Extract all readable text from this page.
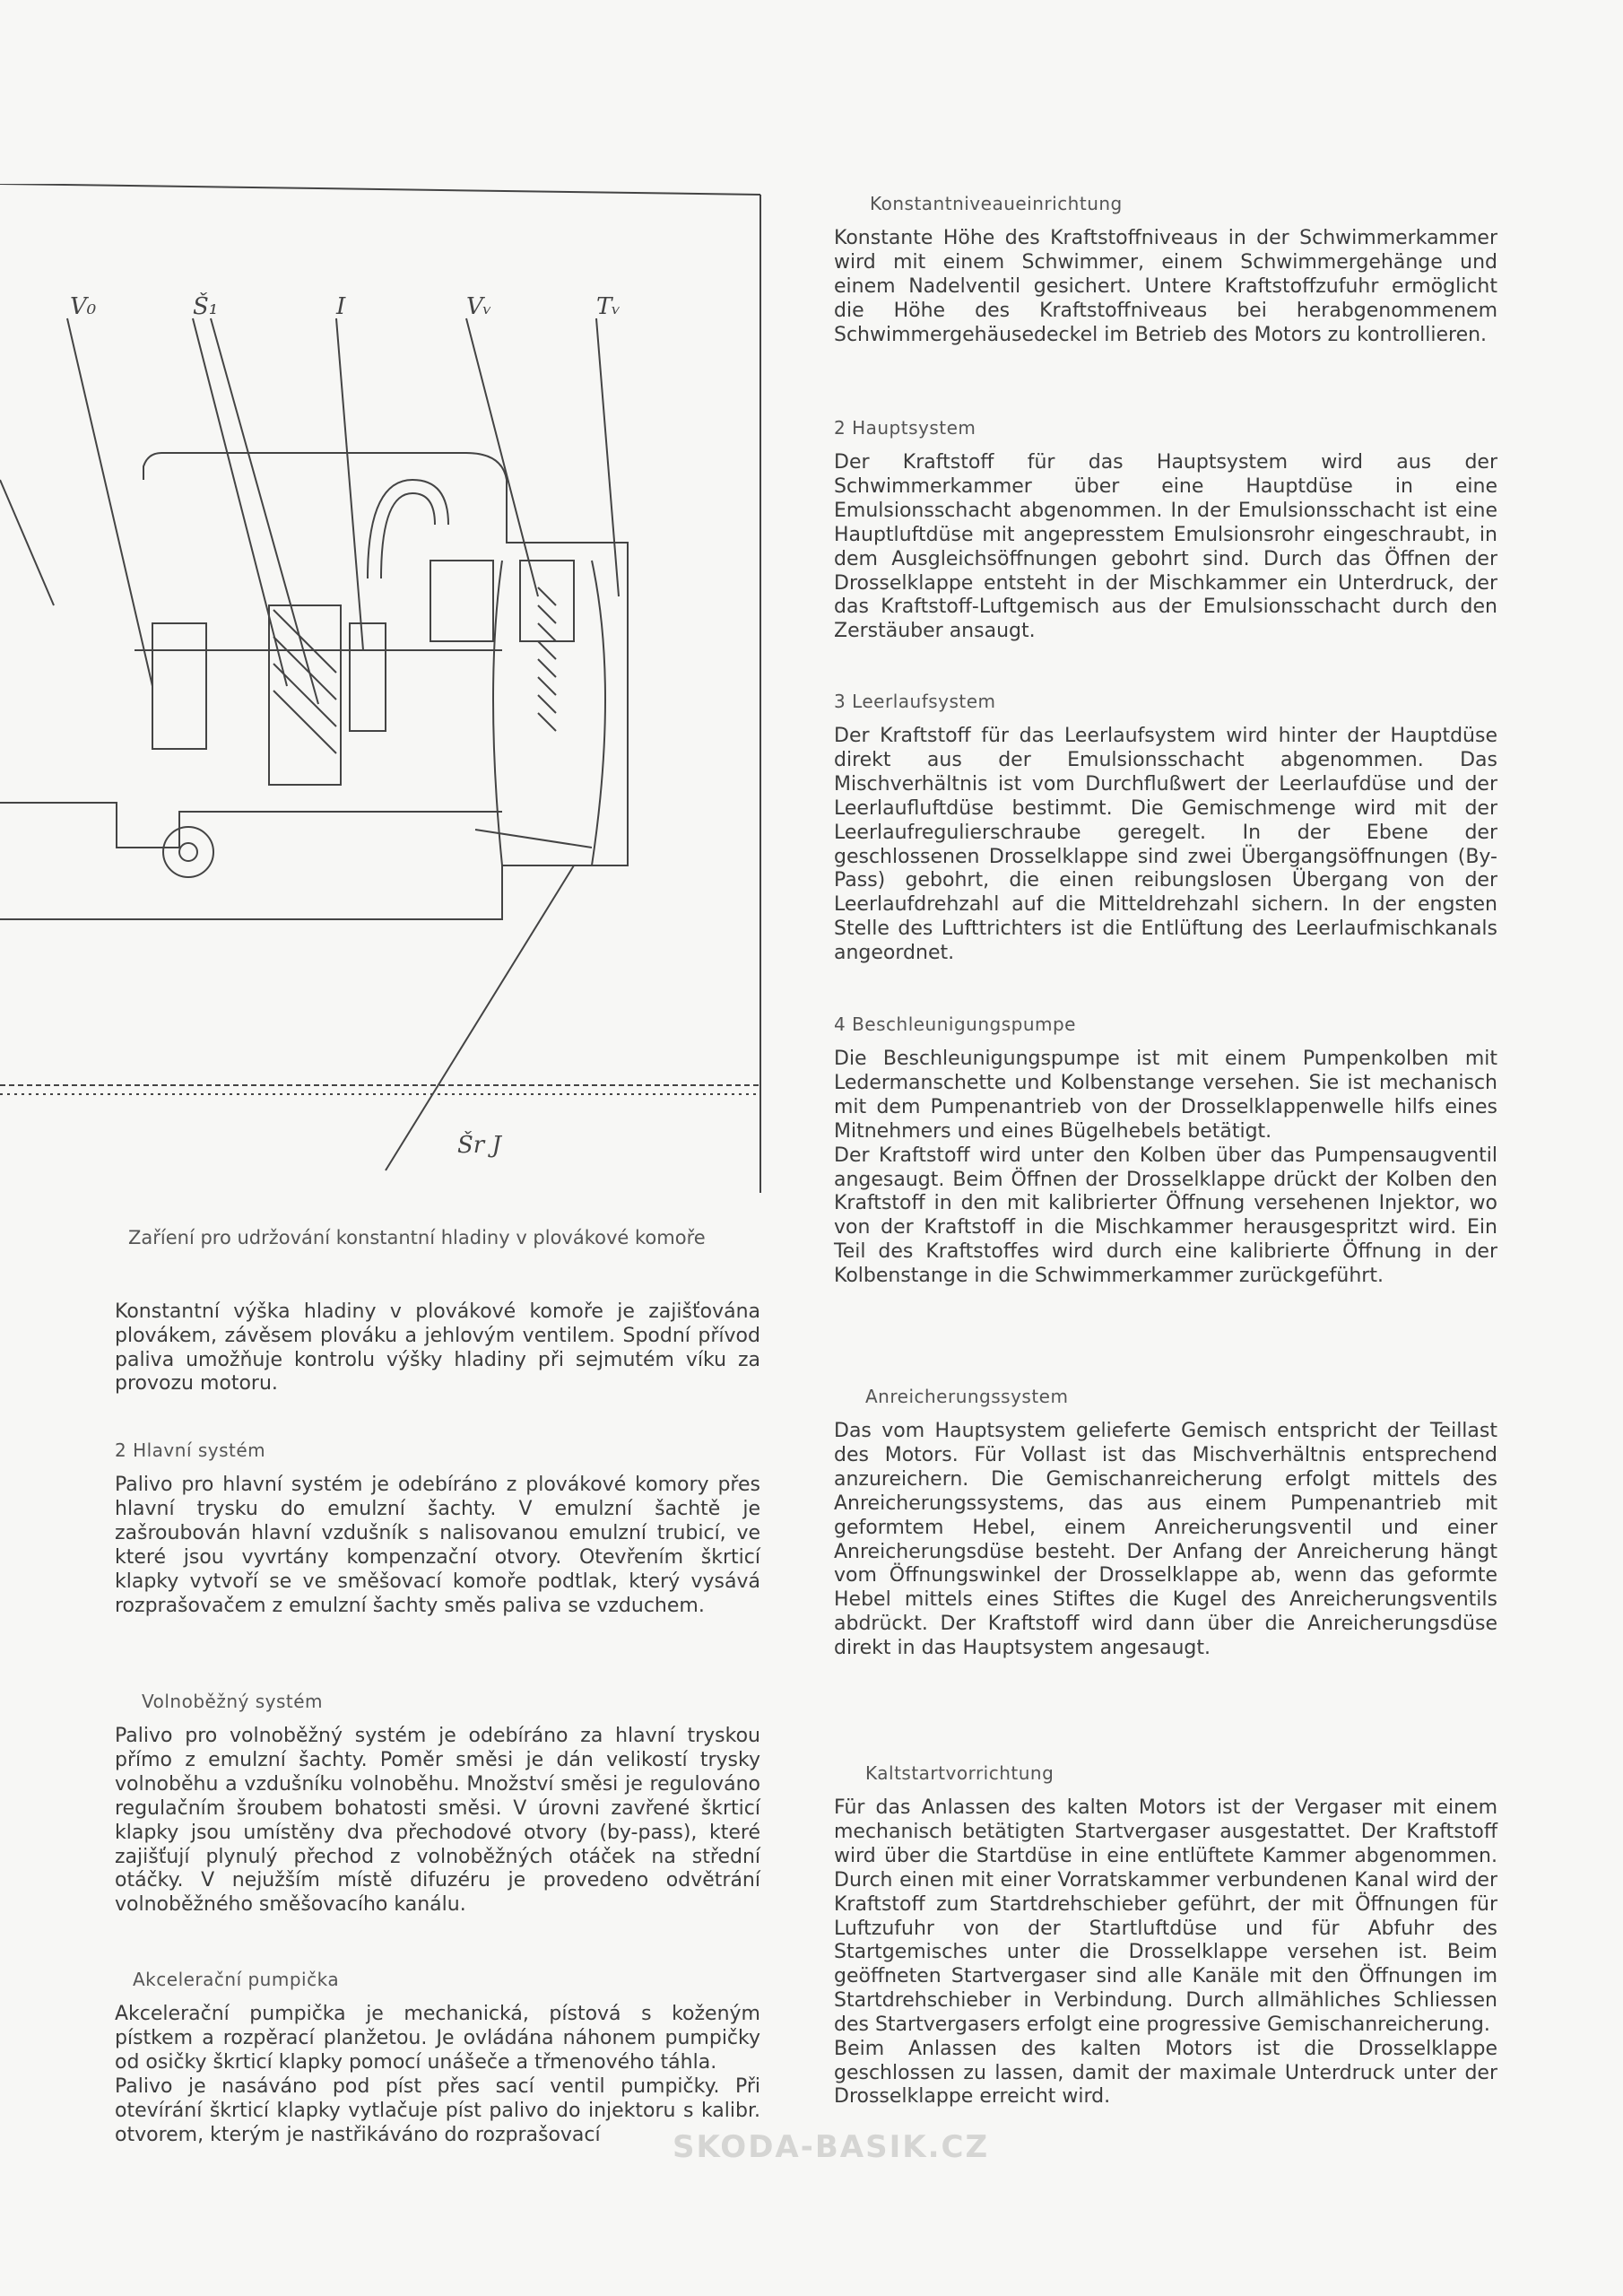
V₀	Š₁	I	Vᵥ	Tᵥ
Šr J
Zaříení pro udržování konstantní hladiny v plovákové komoře

Konstantní výška hladiny v plovákové komoře je zajišťována plovákem, závěsem plováku a jehlovým ventilem. Spodní přívod paliva umožňuje kontrolu výšky hladiny při sejmutém víku za provozu motoru.

2 Hlavní systém

Palivo pro hlavní systém je odebíráno z plovákové komory přes hlavní trysku do emulzní šachty. V emulzní šachtě je zašroubován hlavní vzdušník s nalisovanou emulzní trubicí, ve které jsou vyvrtány kompenzační otvory. Otevřením škrticí klapky vytvoří se ve směšovací komoře podtlak, který vysává rozprašovačem z emulzní šachty směs paliva se vzduchem.

Volnoběžný systém

Palivo pro volnoběžný systém je odebíráno za hlavní tryskou přímo z emulzní šachty. Poměr směsi je dán velikostí trysky volnoběhu a vzdušníku volnoběhu. Množství směsi je regulováno regulačním šroubem bohatosti směsi. V úrovni zavřené škrticí klapky jsou umístěny dva přechodové otvory (by-pass), které zajišťují plynulý přechod z volnoběžných otáček na střední otáčky. V nejužším místě difuzéru je provedeno odvětrání volnoběžného směšovacího kanálu.

Akcelerační pumpička

Akcelerační pumpička je mechanická, pístová s koženým pístkem a rozpěrací planžetou. Je ovládána náhonem pumpičky od osičky škrticí klapky pomocí unášeče a třmenového táhla.
Palivo je nasáváno pod píst přes sací ventil pumpičky. Při otevírání škrticí klapky vytlačuje píst palivo do injektoru s kalibr. otvorem, kterým je nastřikáváno do rozprašovací

Konstantniveaueinrichtung

Konstante Höhe des Kraftstoffniveaus in der Schwimmerkammer wird mit einem Schwimmer, einem Schwimmergehänge und einem Nadelventil gesichert. Untere Kraftstoffzufuhr ermöglicht die Höhe des Kraftstoffniveaus bei herabgenommenem Schwimmergehäusedeckel im Betrieb des Motors zu kontrollieren.

2 Hauptsystem

Der Kraftstoff für das Hauptsystem wird aus der Schwimmerkammer über eine Hauptdüse in eine Emulsionsschacht abgenommen. In der Emulsionsschacht ist eine Hauptluftdüse mit angepresstem Emulsionsrohr eingeschraubt, in dem Ausgleichsöffnungen gebohrt sind. Durch das Öffnen der Drosselklappe entsteht in der Mischkammer ein Unterdruck, der das Kraftstoff-Luftgemisch aus der Emulsionsschacht durch den Zerstäuber ansaugt.

3 Leerlaufsystem

Der Kraftstoff für das Leerlaufsystem wird hinter der Hauptdüse direkt aus der Emulsionsschacht abgenommen. Das Mischverhältnis ist vom Durchflußwert der Leerlaufdüse und der Leerlaufluftdüse bestimmt. Die Gemischmenge wird mit der Leerlaufregulierschraube geregelt. In der Ebene der geschlossenen Drosselklappe sind zwei Übergangsöffnungen (By-Pass) gebohrt, die einen reibungslosen Übergang von der Leerlaufdrehzahl auf die Mitteldrehzahl sichern. In der engsten Stelle des Lufttrichters ist die Entlüftung des Leerlaufmischkanals angeordnet.

4 Beschleunigungspumpe

Die Beschleunigungspumpe ist mit einem Pumpenkolben mit Ledermanschette und Kolbenstange versehen. Sie ist mechanisch mit dem Pumpenantrieb von der Drosselklappenwelle hilfs eines Mitnehmers und eines Bügelhebels betätigt.
Der Kraftstoff wird unter den Kolben über das Pumpensaugventil angesaugt. Beim Öffnen der Drosselklappe drückt der Kolben den Kraftstoff in den mit kalibrierter Öffnung versehenen Injektor, wo von der Kraftstoff in die Mischkammer herausgespritzt wird. Ein Teil des Kraftstoffes wird durch eine kalibrierte Öffnung in der Kolbenstange in die Schwimmerkammer zurückgeführt.

Anreicherungssystem

Das vom Hauptsystem gelieferte Gemisch entspricht der Teillast des Motors. Für Vollast ist das Mischverhältnis entsprechend anzureichern. Die Gemischanreicherung erfolgt mittels des Anreicherungssystems, das aus einem Pumpenantrieb mit geformtem Hebel, einem Anreicherungsventil und einer Anreicherungsdüse besteht. Der Anfang der Anreicherung hängt vom Öffnungswinkel der Drosselklappe ab, wenn das geformte Hebel mittels eines Stiftes die Kugel des Anreicherungsventils abdrückt. Der Kraftstoff wird dann über die Anreicherungsdüse direkt in das Hauptsystem angesaugt.

Kaltstartvorrichtung

Für das Anlassen des kalten Motors ist der Vergaser mit einem mechanisch betätigten Startvergaser ausgestattet. Der Kraftstoff wird über die Startdüse in eine entlüftete Kammer abgenommen. Durch einen mit einer Vorratskammer verbundenen Kanal wird der Kraftstoff zum Startdrehschieber geführt, der mit Öffnungen für Luftzufuhr von der Startluftdüse und für Abfuhr des Startgemisches unter die Drosselklappe versehen ist. Beim geöffneten Startvergaser sind alle Kanäle mit den Öffnungen im Startdrehschieber in Verbindung. Durch allmähliches Schliessen des Startvergasers erfolgt eine progressive Gemischanreicherung.
Beim Anlassen des kalten Motors ist die Drosselklappe geschlossen zu lassen, damit der maximale Unterdruck unter der Drosselklappe erreicht wird.

SKODA-BASIK.CZ
